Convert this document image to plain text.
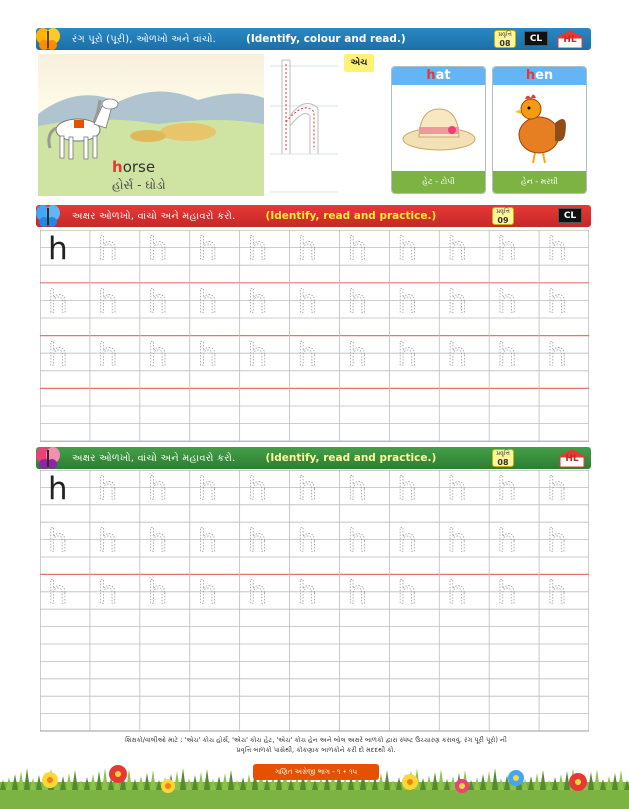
રંગ પૂરો (પૂરી), ઓળખો અને વાંચો.	(Identify, colour and read.)	પ્રવૃત્તિ
08	CL	HL
horse
હોર્સ - ઘોડો
એચ
hat
હેટ - ટોપી
hen
હેન - મરઘી
અક્ષર ઓળખો, વાંચો અને મહાવરો કરો.	(Identify, read and practice.)	પ્રવૃત્તિ
09	CL
h h h h h h h h h h h
h h h h h h h h h h h
h h h h h h h h h h h
અક્ષર ઓળખો, વાંચો અને મહાવરો કરો.	(Identify, read and practice.)	પ્રવૃત્તિ
08	HL
h h h h h h h h h h h
h h h h h h h h h h h
h h h h h h h h h h h
શિક્ષકો/વાલીઓ માટે : 'એચ' કોચ હોર્સ, 'એચ' કોચ હેટ, 'એચ' કોચ હેન અને બોલ અક્ષરે બાળકો દ્વારા સ્પષ્ટ ઉચ્ચારણ કરાવવું. રંગ પૂરી પૂરો) ની
પ્રવૃત્તિ બાળકો પાસેથી, કોંકણાક બાળકોને કરી દો મદદથી કો.
ગણિત અંગ્રેજી ભાગ - ૧ • ૧૫
